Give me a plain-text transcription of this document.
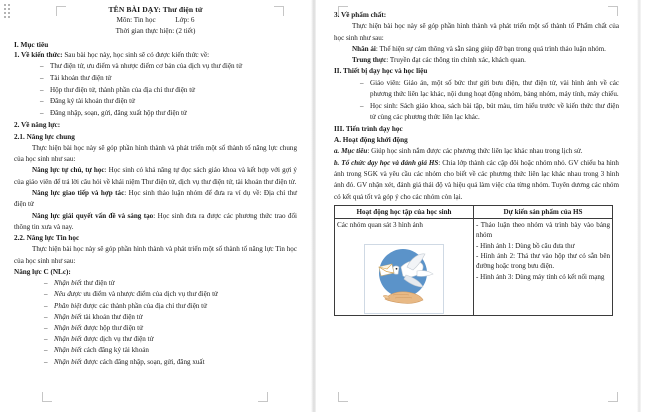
TÊN BÀI DẠY: Thư điện tử

Môn: Tin học	Lớp: 6

Thời gian thực hiện: (2 tiết)

I. Mục tiêu

1. Về kiến thức: Sau bài học này, học sinh sẽ có được kiến thức về:

– Thư điện tử, ưu điểm và nhược điểm cơ bản của dịch vụ thư điện tử
– Tài khoản thư điện tử
– Hộp thư điện tử, thành phần của địa chỉ thư điện tử
– Đăng ký tài khoản thư điện tử
– Đăng nhập, soạn, gửi, đăng xuất hộp thư điện tử

2. Về năng lực:

2.1. Năng lực chung

Thực hiện bài học này sẽ góp phần hình thành và phát triển một số thành tố năng lực chung của học sinh như sau:

Năng lực tự chủ, tự học: Học sinh có khả năng tự đọc sách giáo khoa và kết hợp với gợi ý của giáo viên để trả lời câu hỏi về khái niệm Thư điện tử, dịch vụ thư điện tử, tài khoản thư điện tử.

Năng lực giao tiếp và hợp tác: Học sinh thảo luận nhóm để đưa ra ví dụ về: Địa chỉ thư điện tử

Năng lực giải quyết vấn đề và sáng tạo: Học sinh đưa ra được các phương thức trao đổi thông tin xưa và nay.

2.2. Năng lực Tin học

Thực hiện bài học này sẽ góp phần hình thành và phát triển một số thành tố năng lực Tin học của học sinh như sau:

Năng lực C (NLc):

– Nhận biết thư điện tử
– Nêu được ưu điểm và nhược điểm của dịch vụ thư điện tử
– Phân biệt được các thành phần của địa chỉ thư điện tử
– Nhận biết tài khoản thư điện tử
– Nhận biết được hộp thư điện tử
– Nhận biết được dịch vụ thư điện tử
– Nhận biết cách đăng ký tài khoản
– Nhận biết được cách đăng nhập, soạn, gửi, đăng xuất

3. Về phẩm chất:

Thực hiện bài học này sẽ góp phần hình thành và phát triển một số thành tố Phẩm chất của học sinh như sau:

Nhân ái: Thể hiện sự cảm thông và sẵn sàng giúp đỡ bạn trong quá trình thảo luận nhóm.

Trung thực: Truyền đạt các thông tin chính xác, khách quan.

II. Thiết bị dạy học và học liệu

– Giáo viên: Giáo án, một số bức thư gửi bưu điện, thư điện tử, vài hình ảnh về các phương thức liên lạc khác, nội dung hoạt động nhóm, bảng nhóm, máy tính, máy chiếu.
– Học sinh: Sách giáo khoa, sách bài tập, bút màu, tìm hiểu trước về kiến thức thư điện tử cùng các phương thức liên lạc khác.

III. Tiến trình dạy học

A. Hoạt động khởi động

a. Mục tiêu: Giúp học sinh nắm được các phương thức liên lạc khác nhau trong lịch sử.

b. Tổ chức dạy học và đánh giá HS: Chia lớp thành các cặp đôi hoặc nhóm nhỏ. GV chiếu ba hình ảnh trong SGK và yêu cầu các nhóm cho biết về các phương thức liên lạc khác nhau trong 3 hình ảnh đó. GV nhận xét, đánh giá thái độ và hiệu quả làm việc của từng nhóm. Tuyên dương các nhóm có kết quả tốt và góp ý cho các nhóm còn lại.

Hoạt động học tập của học sinh	Dự kiến sản phẩm của HS

Các nhóm quan sát 3 hình ảnh	- Thảo luận theo nhóm và trình bày vào bảng nhóm
- Hình ảnh 1: Dùng bồ câu đưa thư
- Hình ảnh 2: Thả thư vào hộp thư có sẵn bên đường hoặc trong bưu điện.
- Hình ảnh 3: Dùng máy tính có kết nối mạng
